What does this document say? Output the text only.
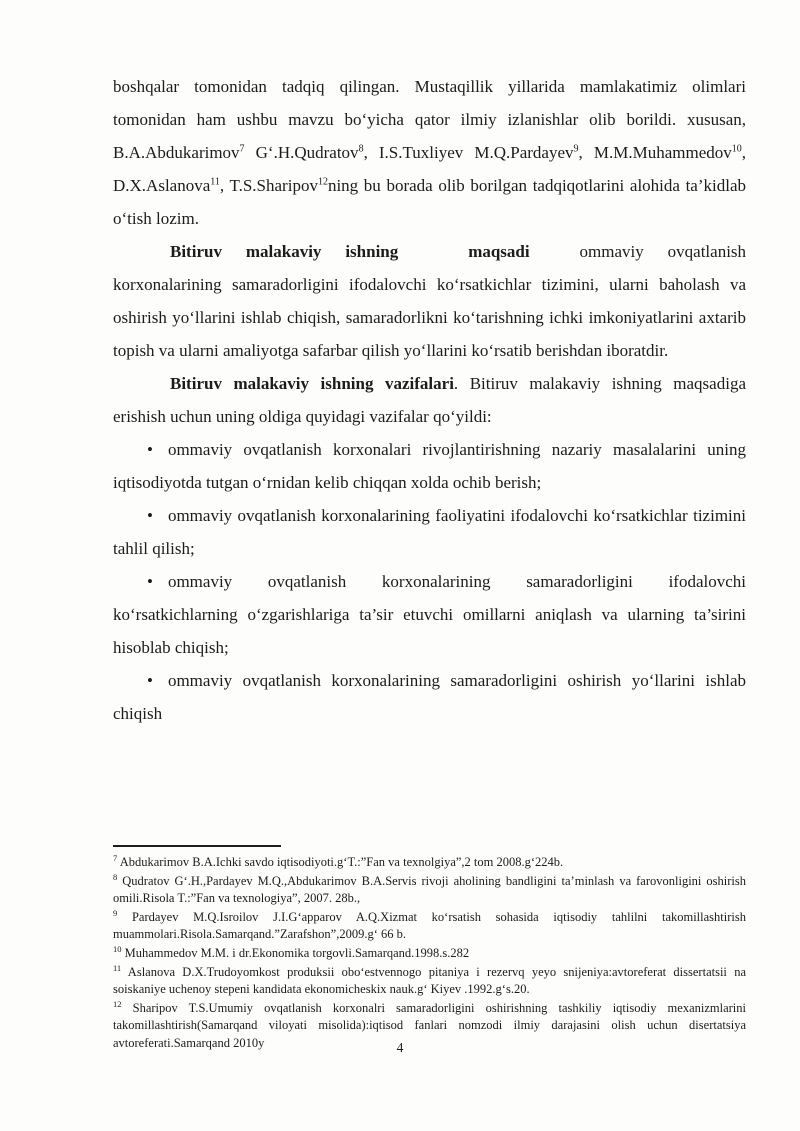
boshqalar tomonidan tadqiq qilingan. Mustaqillik yillarida mamlakatimiz olimlari tomonidan ham ushbu mavzu bo‘yicha qator ilmiy izlanishlar olib borildi. xususan, B.A.Abdukarimov$^7$ G‘.H.Qudratov$^8$, I.S.Tuxliyev M.Q.Pardayev$^9$, M.M.Muhammedov$^{10}$, D.X.Aslanova$^{11}$, T.S.Sharipov$^{12}$ning bu borada olib borilgan tadqiqotlarini alohida ta’kidlab o‘tish lozim.

Bitiruv malakaviy ishning	maqsadi	ommaviy ovqatlanish korxonalarining samaradorligini ifodalovchi ko‘rsatkichlar tizimini, ularni baholash va oshirish yo‘llarini ishlab chiqish, samaradorlikni ko‘tarishning ichki imkoniyatlarini axtarib topish va ularni amaliyotga safarbar qilish yo‘llarini ko‘rsatib berishdan iboratdir.

Bitiruv malakaviy ishning vazifalari. Bitiruv malakaviy ishning maqsadiga erishish uchun uning oldiga quyidagi vazifalar qo‘yildi:

• ommaviy ovqatlanish korxonalari rivojlantirishning nazariy masalalarini uning iqtisodiyotda tutgan o‘rnidan kelib chiqqan xolda ochib berish;

• ommaviy ovqatlanish korxonalarining faoliyatini ifodalovchi ko‘rsatkichlar tizimini tahlil qilish;

• ommaviy ovqatlanish korxonalarining samaradorligini ifodalovchi ko‘rsatkichlarning o‘zgarishlariga ta’sir etuvchi omillarni aniqlash va ularning ta’sirini hisoblab chiqish;

• ommaviy ovqatlanish korxonalarining samaradorligini oshirish yo‘llarini ishlab chiqish

$^7$ Abdukarimov B.A.Ichki savdo iqtisodiyoti.g‘T.:”Fan va texnolgiya”,2 tom 2008.g‘224b.

$^8$ Qudratov G‘.H.,Pardayev M.Q.,Abdukarimov B.A.Servis rivoji aholining bandligini ta’minlash va farovonligini oshirish omili.Risola T.:”Fan va texnologiya”, 2007. 28b.,

$^9$ Pardayev M.Q.Isroilov J.I.G‘apparov A.Q.Xizmat ko‘rsatish sohasida iqtisodiy tahlilni takomillashtirish muammolari.Risola.Samarqand.”Zarafshon”,2009.g‘ 66 b.

$^{10}$ Muhammedov M.M. i dr.Ekonomika torgovli.Samarqand.1998.s.282

$^{11}$ Aslanova D.X.Trudoyomkost produksii obo‘estvennogo pitaniya i rezervq yeyo snijeniya:avtoreferat dissertatsii na soiskaniye uchenoy stepeni kandidata ekonomicheskix nauk.g‘ Kiyev .1992.g‘s.20.

$^{12}$ Sharipov T.S.Umumiy ovqatlanish korxonalri samaradorligini oshirishning tashkiliy iqtisodiy mexanizmlarini takomillashtirish(Samarqand viloyati misolida):iqtisod fanlari nomzodi ilmiy darajasini olish uchun disertatsiya avtoreferati.Samarqand 2010y	4
